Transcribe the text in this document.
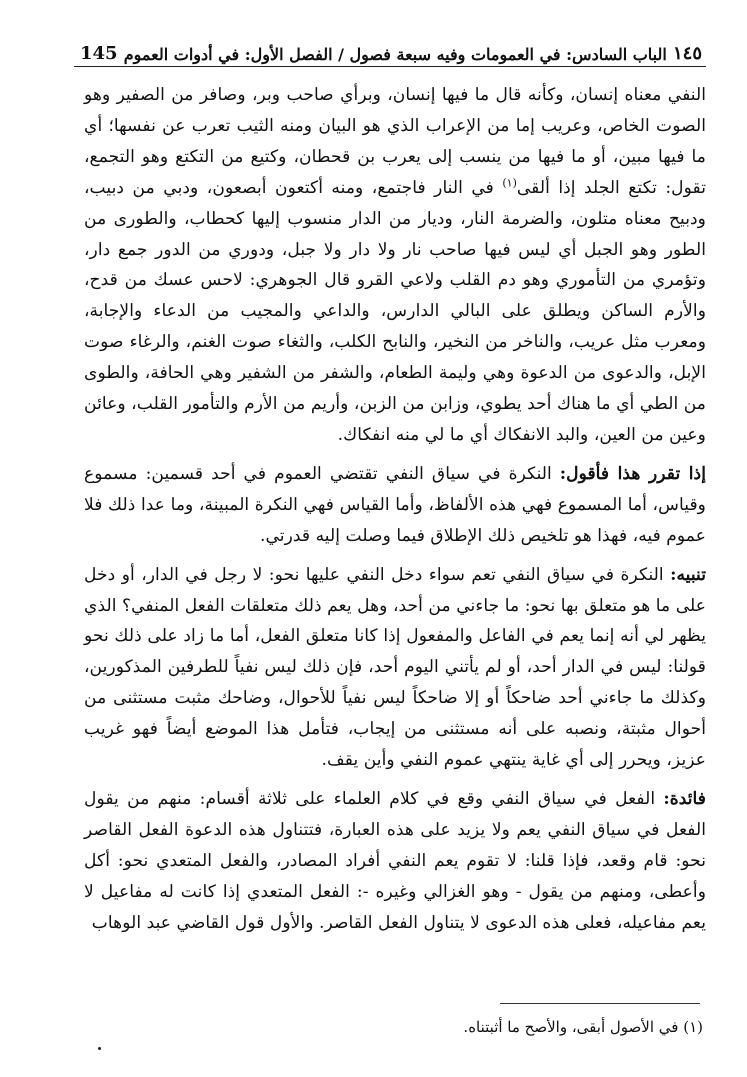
145 الباب السادس: في العمومات وفيه سبعة فصول / الفصل الأول: في أدوات العموم ١٤٥

النفي معناه إنسان، وكأنه قال ما فيها إنسان، وبرأي صاحب وبر، وصافر من الصفير وهو الصوت الخاص، وعريب إما من الإعراب الذي هو البيان ومنه الثيب تعرب عن نفسها؛ أي ما فيها مبين، أو ما فيها من ينسب إلى يعرب بن قحطان، وكتيع من التكتع وهو التجمع، تقول: تكتع الجلد إذا ألقى$^{(١)}$ في النار فاجتمع، ومنه أكتعون أبصعون، ودبي من دبيب، ودبيح معناه متلون، والضرمة النار، وديار من الدار منسوب إليها كحطاب، والطورى من الطور وهو الجبل أي ليس فيها صاحب نار ولا دار ولا جبل، ودوري من الدور جمع دار، وتؤمري من التأموري وهو دم القلب ولاعي القرو قال الجوهري: لاحس عسك من قدح، والأرم الساكن ويطلق على البالي الدارس، والداعي والمجيب من الدعاء والإجابة، ومعرب مثل عريب، والناخر من النخير، والنابح الكلب، والثغاء صوت الغنم، والرغاء صوت الإبل، والدعوى من الدعوة وهي وليمة الطعام، والشفر من الشفير وهي الحافة، والطوى من الطي أي ما هناك أحد يطوي، وزابن من الزبن، وأريم من الأرم والتأمور القلب، وعائن وعين من العين، والبد الانفكاك أي ما لي منه انفكاك.

إذا تقرر هذا فأقول: النكرة في سياق النفي تقتضي العموم في أحد قسمين: مسموع وقياس، أما المسموع فهي هذه الألفاظ، وأما القياس فهي النكرة المبينة، وما عدا ذلك فلا عموم فيه، فهذا هو تلخيص ذلك الإطلاق فيما وصلت إليه قدرتي.

تنبيه: النكرة في سياق النفي تعم سواء دخل النفي عليها نحو: لا رجل في الدار، أو دخل على ما هو متعلق بها نحو: ما جاءني من أحد، وهل يعم ذلك متعلقات الفعل المنفي؟ الذي يظهر لي أنه إنما يعم في الفاعل والمفعول إذا كانا متعلق الفعل، أما ما زاد على ذلك نحو قولنا: ليس في الدار أحد، أو لم يأتني اليوم أحد، فإن ذلك ليس نفياً للطرفين المذكورين، وكذلك ما جاءني أحد ضاحكاً أو إلا ضاحكاً ليس نفياً للأحوال، وضاحك مثبت مستثنى من أحوال مثبتة، ونصبه على أنه مستثنى من إيجاب، فتأمل هذا الموضع أيضاً فهو غريب عزيز، ويحرر إلى أي غاية ينتهي عموم النفي وأين يقف.

فائدة: الفعل في سياق النفي وقع في كلام العلماء على ثلاثة أقسام: منهم من يقول الفعل في سياق النفي يعم ولا يزيد على هذه العبارة، فتتناول هذه الدعوة الفعل القاصر نحو: قام وقعد، فإذا قلنا: لا تقوم يعم النفي أفراد المصادر، والفعل المتعدي نحو: أكل وأعطى، ومنهم من يقول - وهو الغزالي وغيره -: الفعل المتعدي إذا كانت له مفاعيل لا يعم مفاعيله، فعلى هذه الدعوى لا يتناول الفعل القاصر. والأول قول القاضي عبد الوهاب

(١) في الأصول أبقى، والأصح ما أثبتناه.
